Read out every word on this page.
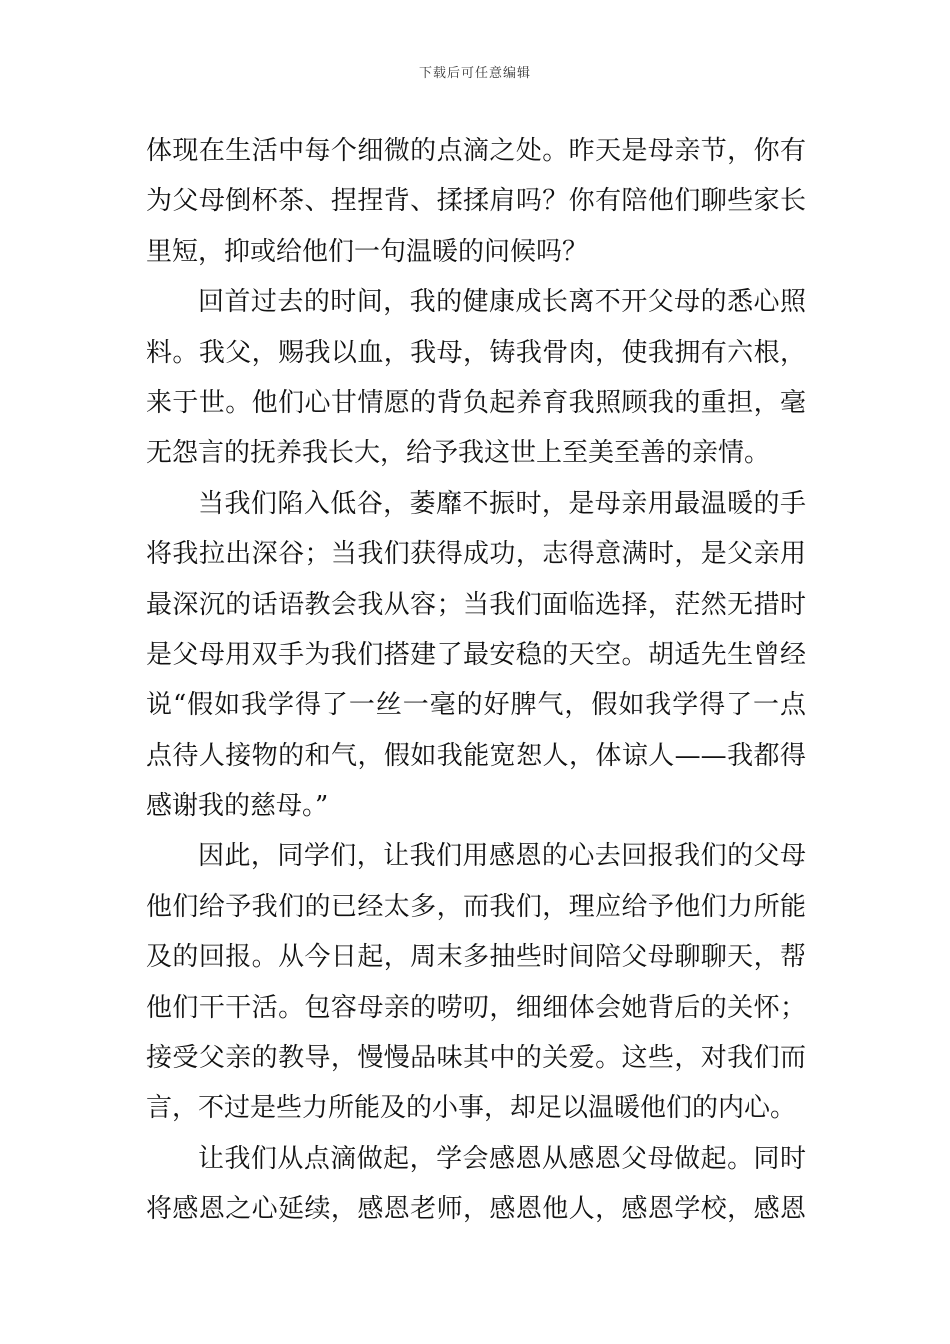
下载后可任意编辑
体现在生活中每个细微的点滴之处。昨天是母亲节，你有
为父母倒杯茶、捏捏背、揉揉肩吗？你有陪他们聊些家长
里短，抑或给他们一句温暖的问候吗？
回首过去的时间，我的健康成长离不开父母的悉心照
料。我父，赐我以血，我母，铸我骨肉，使我拥有六根，
来于世。他们心甘情愿的背负起养育我照顾我的重担，毫
无怨言的抚养我长大，给予我这世上至美至善的亲情。
当我们陷入低谷，萎靡不振时，是母亲用最温暖的手
将我拉出深谷；当我们获得成功，志得意满时，是父亲用
最深沉的话语教会我从容；当我们面临选择，茫然无措时
是父母用双手为我们搭建了最安稳的天空。胡适先生曾经
说“假如我学得了一丝一毫的好脾气，假如我学得了一点
点待人接物的和气，假如我能宽恕人，体谅人——我都得
感谢我的慈母。”
因此，同学们，让我们用感恩的心去回报我们的父母
他们给予我们的已经太多，而我们，理应给予他们力所能
及的回报。从今日起，周末多抽些时间陪父母聊聊天，帮
他们干干活。包容母亲的唠叨，细细体会她背后的关怀；
接受父亲的教导，慢慢品味其中的关爱。这些，对我们而
言，不过是些力所能及的小事，却足以温暖他们的内心。
让我们从点滴做起，学会感恩从感恩父母做起。同时
将感恩之心延续，感恩老师，感恩他人，感恩学校，感恩
